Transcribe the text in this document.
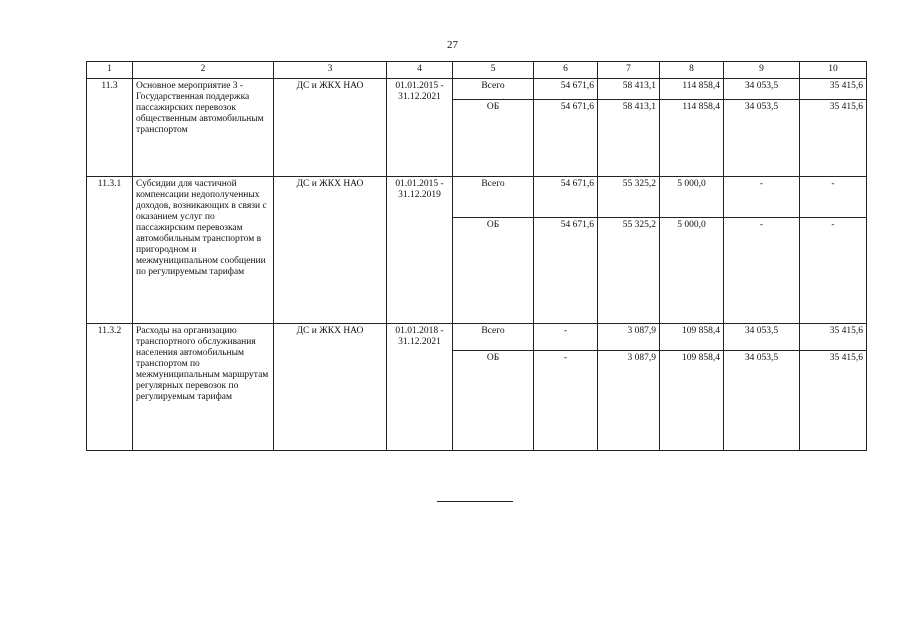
27
1	2	3	4	5	6	7	8	9	10
11.3	Основное мероприятие 3 - Государственная поддержка пассажирских перевозок общественным автомобильным транспортом	ДС и ЖКХ НАО	01.01.2015 - 31.12.2021	Всего	54 671,6	58 413,1	114 858,4	34 053,5	35 415,6
				ОБ	54 671,6	58 413,1	114 858,4	34 053,5	35 415,6
11.3.1	Субсидии для частичной компенсации недополученных доходов, возникающих в связи с оказанием услуг по пассажирским перевозкам автомобильным транспортом в пригородном и межмуниципальном сообщении по регулируемым тарифам	ДС и ЖКХ НАО	01.01.2015 - 31.12.2019	Всего	54 671,6	55 325,2	5 000,0	-	-
				ОБ	54 671,6	55 325,2	5 000,0	-	-
11.3.2	Расходы на организацию транспортного обслуживания населения автомобильным транспортом по межмуниципальным маршрутам регулярных перевозок по регулируемым тарифам	ДС и ЖКХ НАО	01.01.2018 - 31.12.2021	Всего	-	3 087,9	109 858,4	34 053,5	35 415,6
				ОБ	-	3 087,9	109 858,4	34 053,5	35 415,6
